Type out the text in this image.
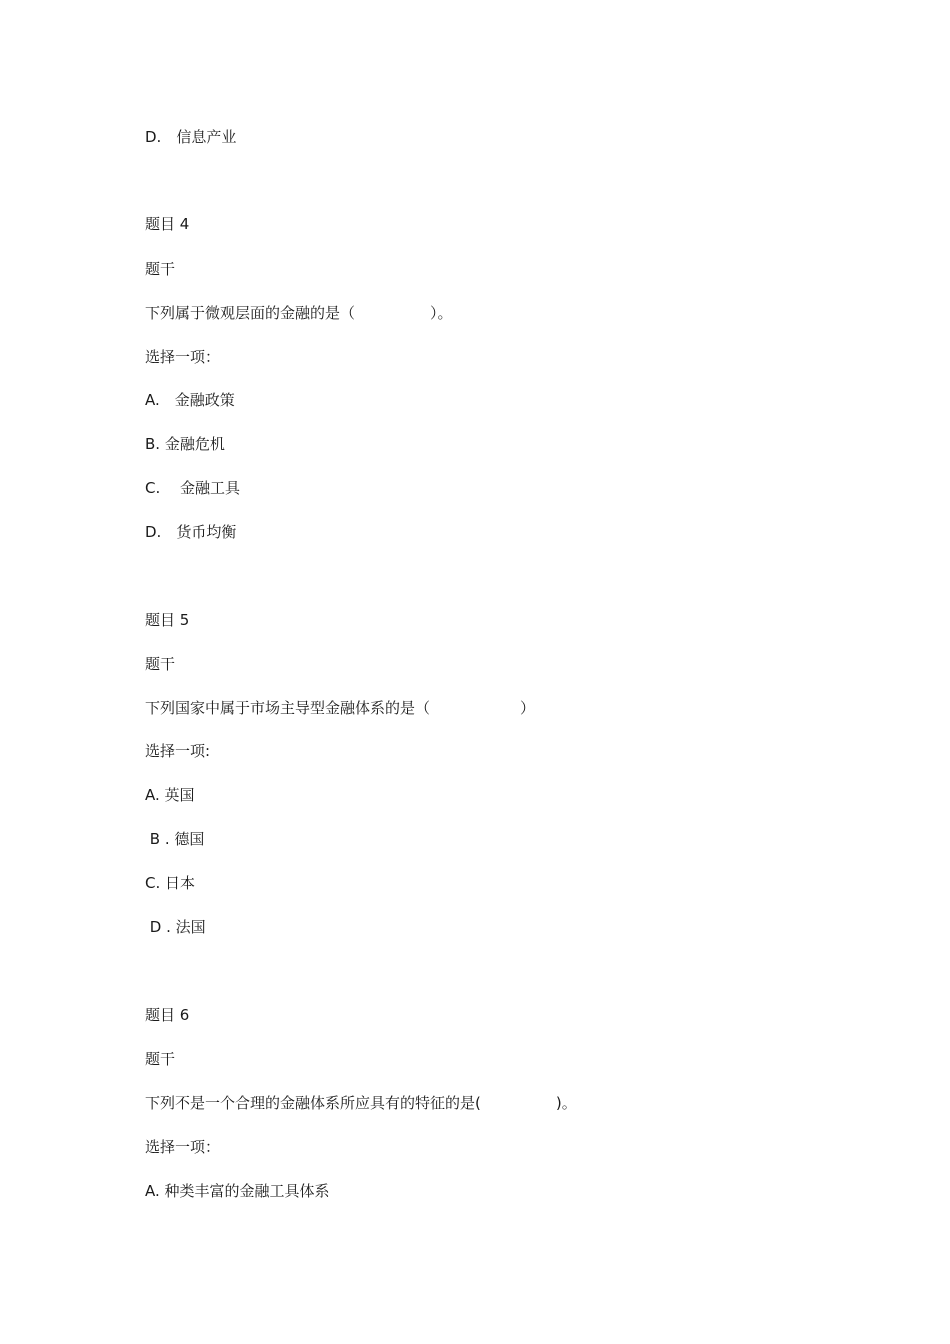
D.　信息产业
题目 4
题干
下列属于微观层面的金融的是（　　　　　）。
选择一项：
A.　金融政策
B. 金融危机
C.　 金融工具
D.　货币均衡
题目 5
题干
下列国家中属于市场主导型金融体系的是（　　　　　　）
选择一项:
A. 英国
B . 德国
C. 日本
D . 法国
题目 6
题干
下列不是一个合理的金融体系所应具有的特征的是(　　　　　)。
选择一项：
A. 种类丰富的金融工具体系
